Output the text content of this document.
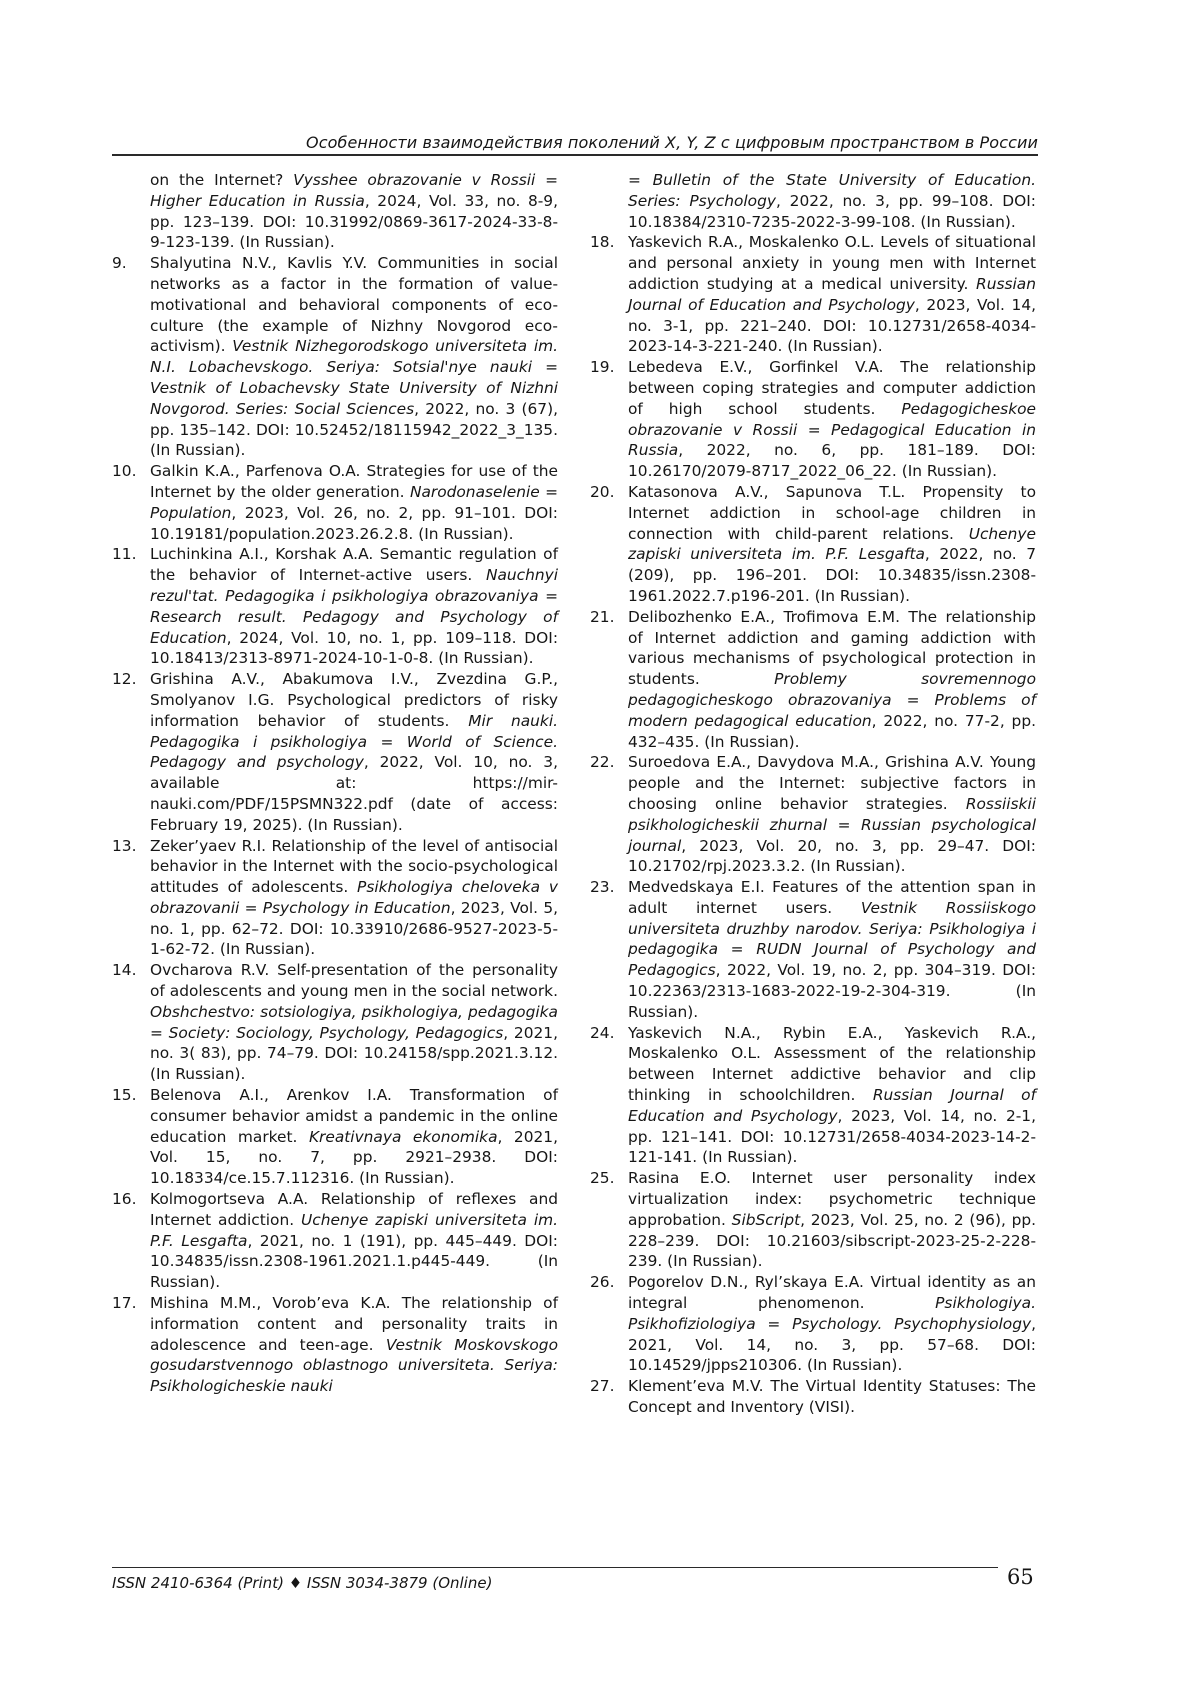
Особенности взаимодействия поколений X, Y, Z с цифровым пространством в России
on the Internet? Vysshee obrazovanie v Rossii = Higher Education in Russia, 2024, Vol. 33, no. 8-9, pp. 123–139. DOI: 10.31992/0869-3617-2024-33-8-9-123-139. (In Russian).
9. Shalyutina N.V., Kavlis Y.V. Communities in social networks as a factor in the formation of value-motivational and behavioral components of eco-culture (the example of Nizhny Novgorod eco-activism). Vestnik Nizhegorodskogo universiteta im. N.I. Lobachevskogo. Seriya: Sotsial'nye nauki = Vestnik of Lobachevsky State University of Nizhni Novgorod. Series: Social Sciences, 2022, no. 3 (67), pp. 135–142. DOI: 10.52452/18115942_2022_3_135. (In Russian).
10. Galkin K.A., Parfenova O.A. Strategies for use of the Internet by the older generation. Narodonaselenie = Population, 2023, Vol. 26, no. 2, pp. 91–101. DOI: 10.19181/population.2023.26.2.8. (In Russian).
11. Luchinkina A.I., Korshak A.A. Semantic regulation of the behavior of Internet-active users. Nauchnyi rezul'tat. Pedagogika i psikhologiya obrazovaniya = Research result. Pedagogy and Psychology of Education, 2024, Vol. 10, no. 1, pp. 109–118. DOI: 10.18413/2313-8971-2024-10-1-0-8. (In Russian).
12. Grishina A.V., Abakumova I.V., Zvezdina G.P., Smolyanov I.G. Psychological predictors of risky information behavior of students. Mir nauki. Pedagogika i psikhologiya = World of Science. Pedagogy and psychology, 2022, Vol. 10, no. 3, available at: https://mir-nauki.com/PDF/15PSMN322.pdf (date of access: February 19, 2025). (In Russian).
13. Zeker’yaev R.I. Relationship of the level of antisocial behavior in the Internet with the socio-psychological attitudes of adolescents. Psikhologiya cheloveka v obrazovanii = Psychology in Education, 2023, Vol. 5, no. 1, pp. 62–72. DOI: 10.33910/2686-9527-2023-5-1-62-72. (In Russian).
14. Ovcharova R.V. Self-presentation of the personality of adolescents and young men in the social network. Obshchestvo: sotsiologiya, psikhologiya, pedagogika = Society: Sociology, Psychology, Pedagogics, 2021, no. 3( 83), pp. 74–79. DOI: 10.24158/spp.2021.3.12. (In Russian).
15. Belenova A.I., Arenkov I.A. Transformation of consumer behavior amidst a pandemic in the online education market. Kreativnaya ekonomika, 2021, Vol. 15, no. 7, pp. 2921–2938. DOI: 10.18334/ce.15.7.112316. (In Russian).
16. Kolmogortseva A.A. Relationship of reflexes and Internet addiction. Uchenye zapiski universiteta im. P.F. Lesgafta, 2021, no. 1 (191), pp. 445–449. DOI: 10.34835/issn.2308-1961.2021.1.p445-449. (In Russian).
17. Mishina M.M., Vorob’eva K.A. The relationship of information content and personality traits in adolescence and teen-age. Vestnik Moskovskogo gosudarstvennogo oblastnogo universiteta. Seriya: Psikhologicheskie nauki
= Bulletin of the State University of Education. Series: Psychology, 2022, no. 3, pp. 99–108. DOI: 10.18384/2310-7235-2022-3-99-108. (In Russian).
18. Yaskevich R.A., Moskalenko O.L. Levels of situational and personal anxiety in young men with Internet addiction studying at a medical university. Russian Journal of Education and Psychology, 2023, Vol. 14, no. 3-1, pp. 221–240. DOI: 10.12731/2658-4034-2023-14-3-221-240. (In Russian).
19. Lebedeva E.V., Gorfinkel V.A. The relationship between coping strategies and computer addiction of high school students. Pedagogicheskoe obrazovanie v Rossii = Pedagogical Education in Russia, 2022, no. 6, pp. 181–189. DOI: 10.26170/2079-8717_2022_06_22. (In Russian).
20. Katasonova A.V., Sapunova T.L. Propensity to Internet addiction in school-age children in connection with child-parent relations. Uchenye zapiski universiteta im. P.F. Lesgafta, 2022, no. 7 (209), pp. 196–201. DOI: 10.34835/issn.2308-1961.2022.7.p196-201. (In Russian).
21. Delibozhenko E.A., Trofimova E.M. The relationship of Internet addiction and gaming addiction with various mechanisms of psychological protection in students. Problemy sovremennogo pedagogicheskogo obrazovaniya = Problems of modern pedagogical education, 2022, no. 77-2, pp. 432–435. (In Russian).
22. Suroedova E.A., Davydova M.A., Grishina A.V. Young people and the Internet: subjective factors in choosing online behavior strategies. Rossiiskii psikhologicheskii zhurnal = Russian psychological journal, 2023, Vol. 20, no. 3, pp. 29–47. DOI: 10.21702/rpj.2023.3.2. (In Russian).
23. Medvedskaya E.I. Features of the attention span in adult internet users. Vestnik Rossiiskogo universiteta druzhby narodov. Seriya: Psikhologiya i pedagogika = RUDN Journal of Psychology and Pedagogics, 2022, Vol. 19, no. 2, pp. 304–319. DOI: 10.22363/2313-1683-2022-19-2-304-319. (In Russian).
24. Yaskevich N.A., Rybin E.A., Yaskevich R.A., Moskalenko O.L. Assessment of the relationship between Internet addictive behavior and clip thinking in schoolchildren. Russian Journal of Education and Psychology, 2023, Vol. 14, no. 2-1, pp. 121–141. DOI: 10.12731/2658-4034-2023-14-2-121-141. (In Russian).
25. Rasina E.O. Internet user personality index virtualization index: psychometric technique approbation. SibScript, 2023, Vol. 25, no. 2 (96), pp. 228–239. DOI: 10.21603/sibscript-2023-25-2-228-239. (In Russian).
26. Pogorelov D.N., Ryl’skaya E.A. Virtual identity as an integral phenomenon. Psikhologiya. Psikhofiziologiya = Psychology. Psychophysiology, 2021, Vol. 14, no. 3, pp. 57–68. DOI: 10.14529/jpps210306. (In Russian).
27. Klement’eva M.V. The Virtual Identity Statuses: The Concept and Inventory (VISI).
ISSN 2410-6364 (Print) ♦ ISSN 3034-3879 (Online)	65
